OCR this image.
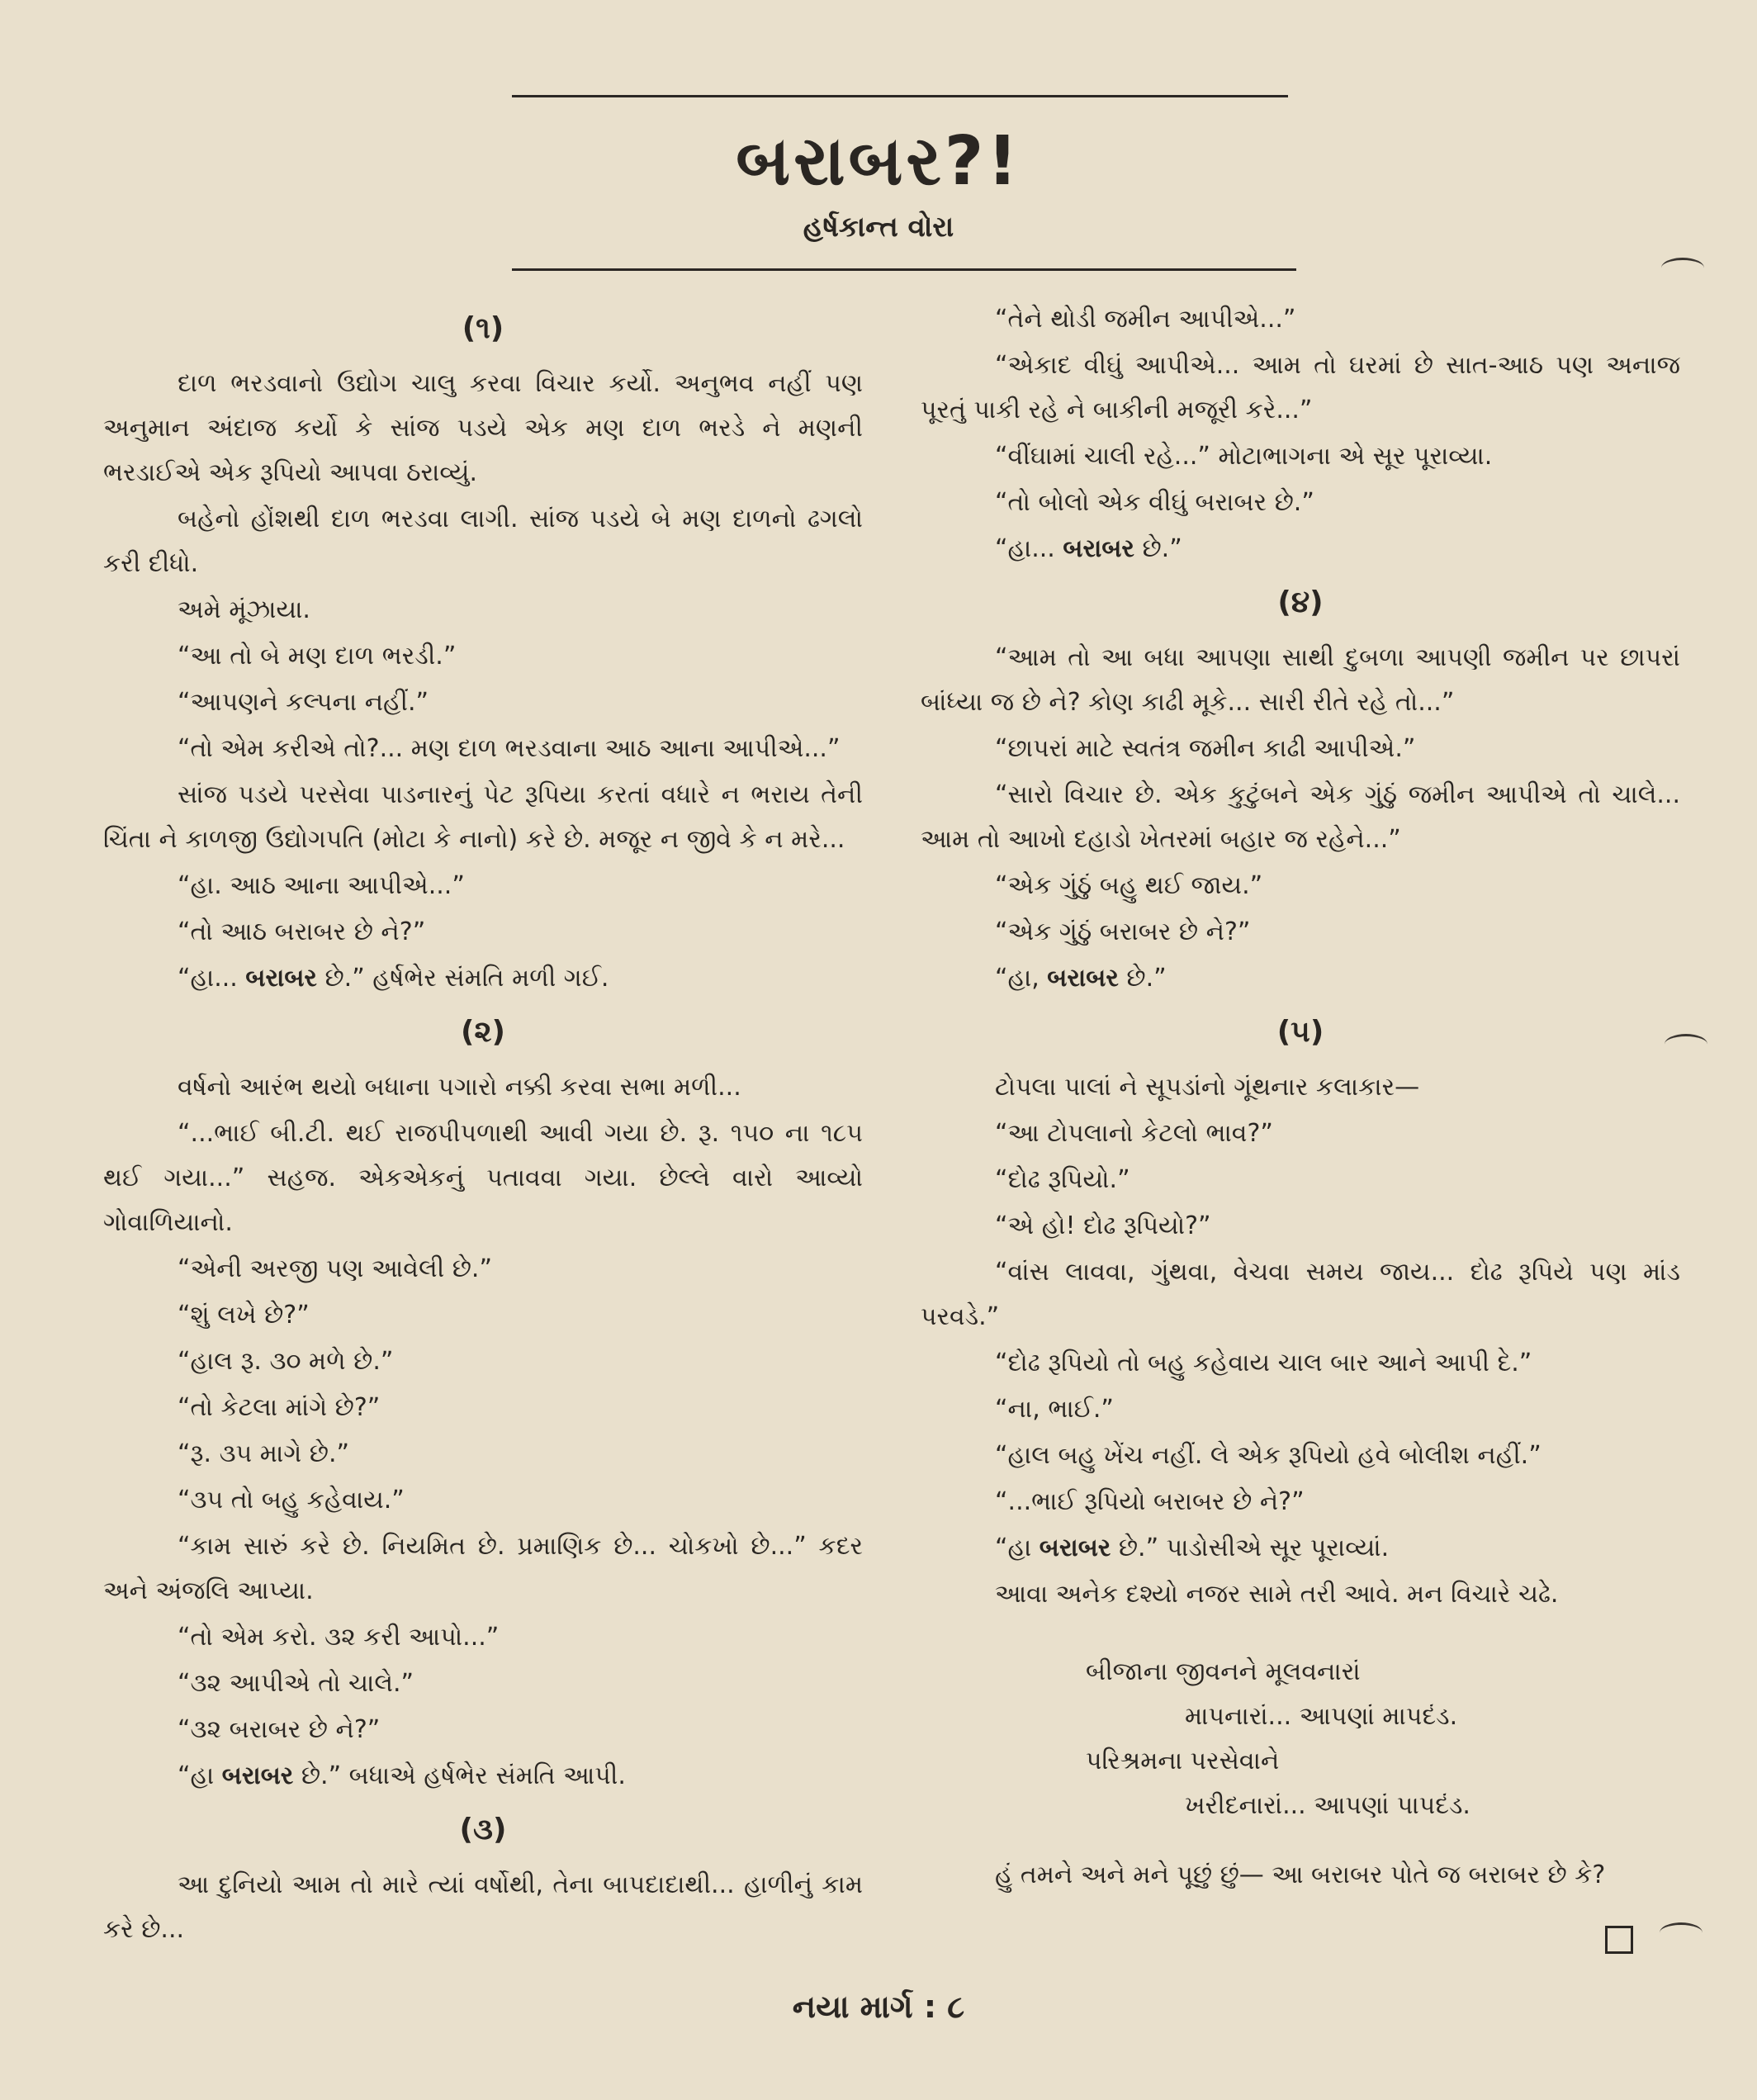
બરાબર?!
હર્ષકાન્ત વોરા
(૧)

દાળ ભરડવાનો ઉદ્યોગ ચાલુ કરવા વિચાર કર્યો. અનુભવ નહીં પણ અનુમાન અંદાજ કર્યો કે સાંજ પડયે એક મણ દાળ ભરડે ને મણની ભરડાઈએ એક રૂપિયો આપવા ઠરાવ્યું.

બહેનો હોંશથી દાળ ભરડવા લાગી. સાંજ પડયે બે મણ દાળનો ઢગલો કરી દીધો.

અમે મૂંઝાયા.

“આ તો બે મણ દાળ ભરડી.”

“આપણને કલ્પના નહીં.”

“તો એમ કરીએ તો?... મણ દાળ ભરડવાના આઠ આના આપીએ...”

સાંજ પડયે પરસેવા પાડનારનું પેટ રૂપિયા કરતાં વધારે ન ભરાય તેની ચિંતા ને કાળજી ઉદ્યોગપતિ (મોટા કે નાનો) કરે છે. મજૂર ન જીવે કે ન મરે...

“હા. આઠ આના આપીએ...”

“તો આઠ બરાબર છે ને?”

“હા... બરાબર છે.” હર્ષભેર સંમતિ મળી ગઈ.

(૨)

વર્ષનો આરંભ થયો બધાના પગારો નક્કી કરવા સભા મળી...

“...ભાઈ બી.ટી. થઈ રાજપીપળાથી આવી ગયા છે. રૂ. ૧૫૦ ના ૧૮૫ થઈ ગયા...” સહજ. એકએકનું પતાવવા ગયા. છેલ્લે વારો આવ્યો ગોવાળિયાનો.

“એની અરજી પણ આવેલી છે.”

“શું લખે છે?”

“હાલ રૂ. ૩૦ મળે છે.”

“તો કેટલા માંગે છે?”

“રૂ. ૩૫ માગે છે.”

“૩૫ તો બહુ કહેવાય.”

“કામ સારું કરે છે. નિયમિત છે. પ્રમાણિક છે... ચોકખો છે...” કદર અને અંજલિ આપ્યા.

“તો એમ કરો. ૩૨ કરી આપો...”

“૩૨ આપીએ તો ચાલે.”

“૩૨ બરાબર છે ને?”

“હા બરાબર છે.” બધાએ હર્ષભેર સંમતિ આપી.

(૩)

આ દુનિયો આમ તો મારે ત્યાં વર્ષોથી, તેના બાપદાદાથી... હાળીનું કામ કરે છે...

“તેને થોડી જમીન આપીએ...”

“એકાદ વીઘું આપીએ... આમ તો ઘરમાં છે સાત-આઠ પણ અનાજ પૂરતું પાકી રહે ને બાકીની મજૂરી કરે...”

“વીંઘામાં ચાલી રહે...” મોટાભાગના એ સૂર પૂરાવ્યા.

“તો બોલો એક વીઘું બરાબર છે.”

“હા... બરાબર છે.”

(૪)

“આમ તો આ બધા આપણા સાથી દુબળા આપણી જમીન પર છાપરાં બાંધ્યા જ છે ને? કોણ કાઢી મૂકે... સારી રીતે રહે તો...”

“છાપરાં માટે સ્વતંત્ર જમીન કાઢી આપીએ.”

“સારો વિચાર છે. એક કુટુંબને એક ગુંઠું જમીન આપીએ તો ચાલે... આમ તો આખો દહાડો ખેતરમાં બહાર જ રહેને...”

“એક ગુંઠું બહુ થઈ જાય.”

“એક ગુંઠું બરાબર છે ને?”

“હા, બરાબર છે.”

(૫)

ટોપલા પાલાં ને સૂપડાંનો ગૂંથનાર કલાકાર—

“આ ટોપલાનો કેટલો ભાવ?”

“દોઢ રૂપિયો.”

“એ હો! દોઢ રૂપિયો?”

“વાંસ લાવવા, ગુંથવા, વેચવા સમય જાય... દોઢ રૂપિયે પણ માંડ પરવડે.”

“દોઢ રૂપિયો તો બહુ કહેવાય ચાલ બાર આને આપી દે.”

“ના, ભાઈ.”

“હાલ બહુ ખેંચ નહીં. લે એક રૂપિયો હવે બોલીશ નહીં.”

“...ભાઈ રૂપિયો બરાબર છે ને?”

“હા બરાબર છે.” પાડોસીએ સૂર પૂરાવ્યાં.

આવા અનેક દશ્યો નજર સામે તરી આવે. મન વિચારે ચઢે.

બીજાના જીવનને મૂલવનારાં

માપનારાં... આપણાં માપદંડ.

પરિશ્રમના પરસેવાને

ખરીદનારાં... આપણાં પાપદંડ.

હું તમને અને મને પૂછું છું— આ બરાબર પોતે જ બરાબર છે કે?

નયા માર્ગ : ૮
